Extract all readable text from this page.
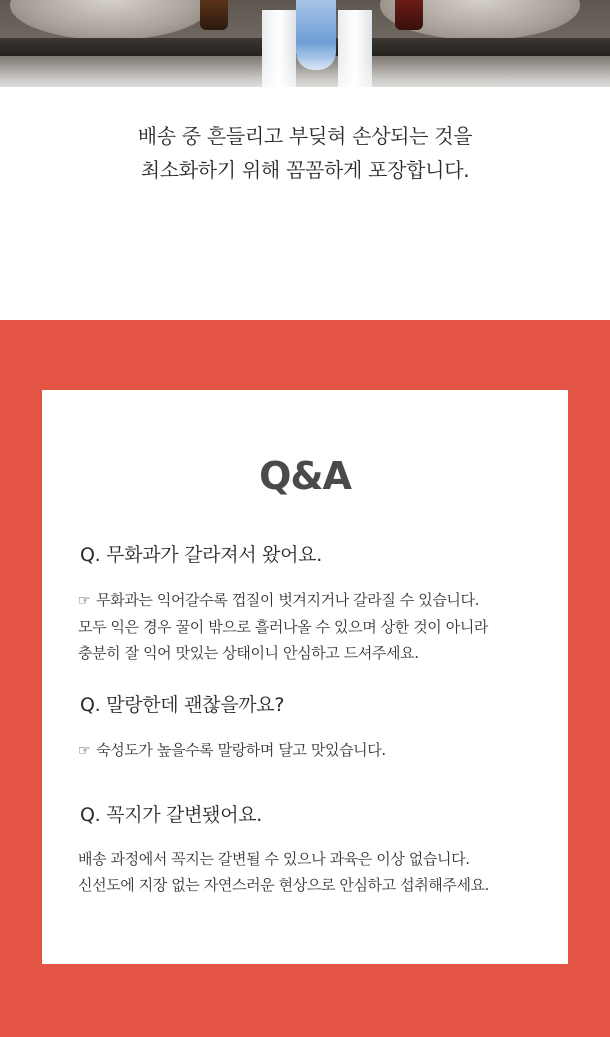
배송 중 흔들리고 부딪혀 손상되는 것을
최소화하기 위해 꼼꼼하게 포장합니다.
Q&A
Q. 무화과가 갈라져서 왔어요.
☞ 무화과는 익어갈수록 껍질이 벗겨지거나 갈라질 수 있습니다.
모두 익은 경우 꿀이 밖으로 흘러나올 수 있으며 상한 것이 아니라
충분히 잘 익어 맛있는 상태이니 안심하고 드셔주세요.
Q. 말랑한데 괜찮을까요?
☞ 숙성도가 높을수록 말랑하며 달고 맛있습니다.
Q. 꼭지가 갈변됐어요.
배송 과정에서 꼭지는 갈변될 수 있으나 과육은 이상 없습니다.
신선도에 지장 없는 자연스러운 현상으로 안심하고 섭취해주세요.
